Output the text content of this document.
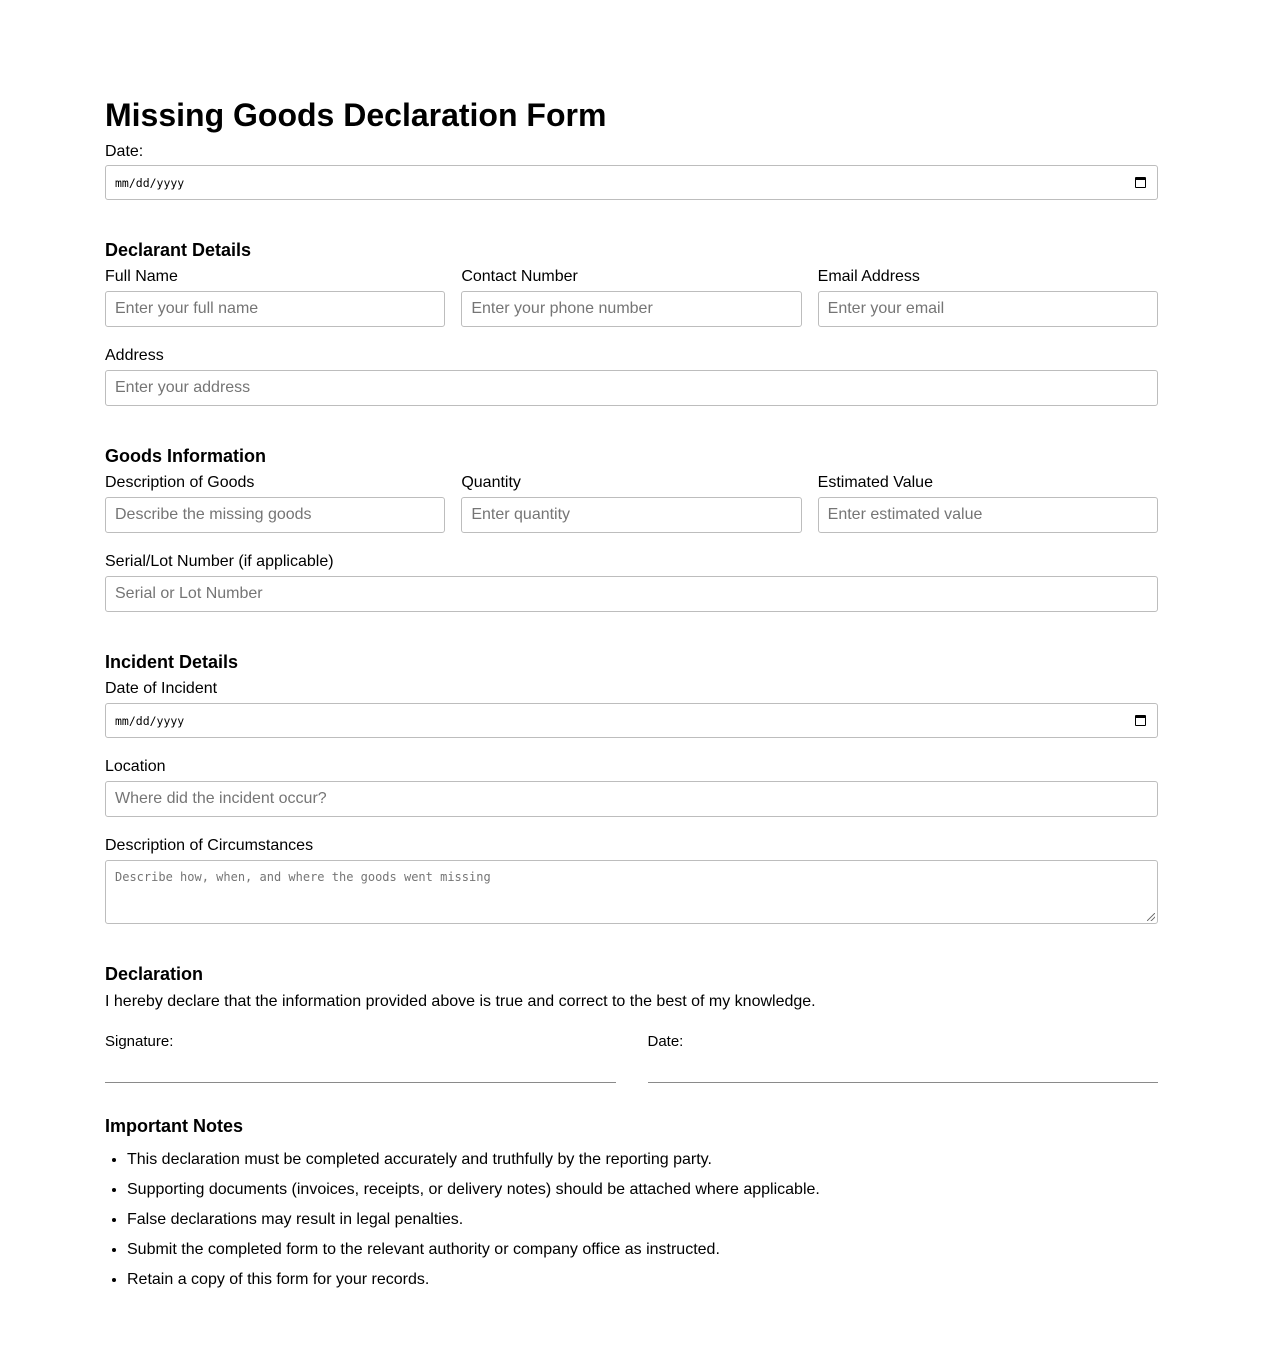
Missing Goods Declaration Form
Date:
mm/dd/yyyy
Declarant Details
Full Name
Enter your full name
Contact Number
Enter your phone number
Email Address
Enter your email
Address
Enter your address
Goods Information
Description of Goods
Describe the missing goods
Quantity
Enter quantity
Estimated Value
Enter estimated value
Serial/Lot Number (if applicable)
Serial or Lot Number
Incident Details
Date of Incident
mm/dd/yyyy
Location
Where did the incident occur?
Description of Circumstances
Describe how, when, and where the goods went missing
Declaration
I hereby declare that the information provided above is true and correct to the best of my knowledge.
Signature:	Date:
Important Notes
• This declaration must be completed accurately and truthfully by the reporting party.
• Supporting documents (invoices, receipts, or delivery notes) should be attached where applicable.
• False declarations may result in legal penalties.
• Submit the completed form to the relevant authority or company office as instructed.
• Retain a copy of this form for your records.
